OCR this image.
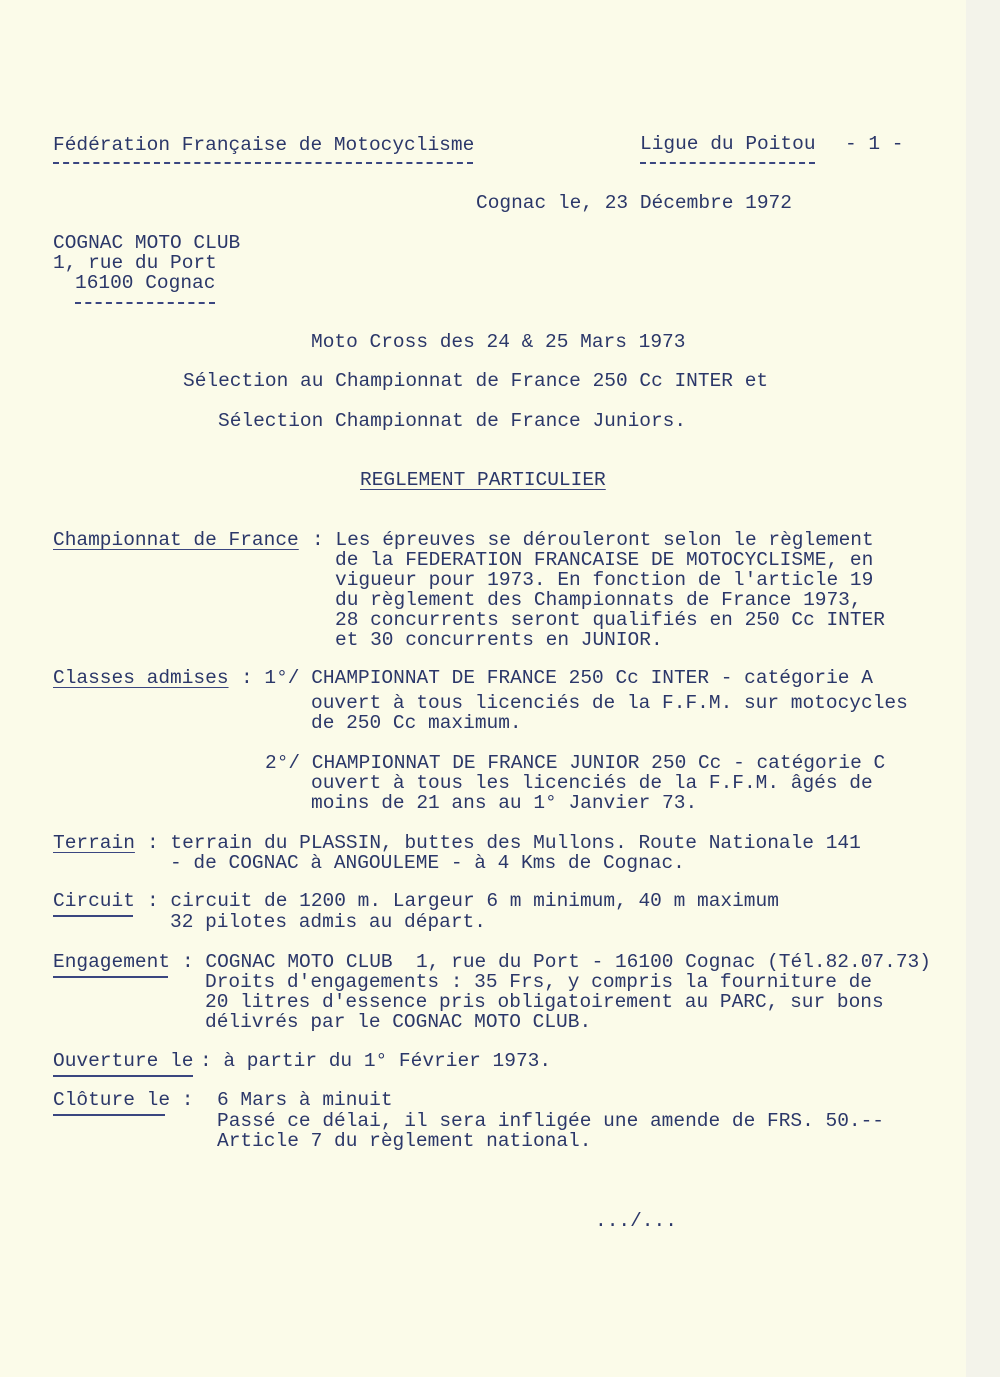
Fédération Française de Motocyclisme	Ligue du Poitou - 1 -
Cognac le, 23 Décembre 1972
COGNAC MOTO CLUB
1, rue du Port
16100 Cognac
Moto Cross des 24 & 25 Mars 1973
Sélection au Championnat de France 250 Cc INTER et
Sélection Championnat de France Juniors.
REGLEMENT PARTICULIER
Championnat de France : Les épreuves se dérouleront selon le règlement
de la FEDERATION FRANCAISE DE MOTOCYCLISME, en
vigueur pour 1973. En fonction de l'article 19
du règlement des Championnats de France 1973,
28 concurrents seront qualifiés en 250 Cc INTER
et 30 concurrents en JUNIOR.
Classes admises : 1°/ CHAMPIONNAT DE FRANCE 250 Cc INTER - catégorie A
ouvert à tous licenciés de la F.F.M. sur motocycles
de 250 Cc maximum.
2°/ CHAMPIONNAT DE FRANCE JUNIOR 250 Cc - catégorie C
ouvert à tous les licenciés de la F.F.M. âgés de
moins de 21 ans au 1° Janvier 73.
Terrain : terrain du PLASSIN, buttes des Mullons. Route Nationale 141
- de COGNAC à ANGOULEME - à 4 Kms de Cognac.
Circuit : circuit de 1200 m. Largeur 6 m minimum, 40 m maximum
32 pilotes admis au départ.
Engagement : COGNAC MOTO CLUB  1, rue du Port - 16100 Cognac (Tél.82.07.73)
Droits d'engagements : 35 Frs, y compris la fourniture de
20 litres d'essence pris obligatoirement au PARC, sur bons
délivrés par le COGNAC MOTO CLUB.
Ouverture le : à partir du 1° Février 1973.
Clôture le : 6 Mars à minuit
Passé ce délai, il sera infligée une amende de FRS. 50.--
Article 7 du règlement national.
.../...
